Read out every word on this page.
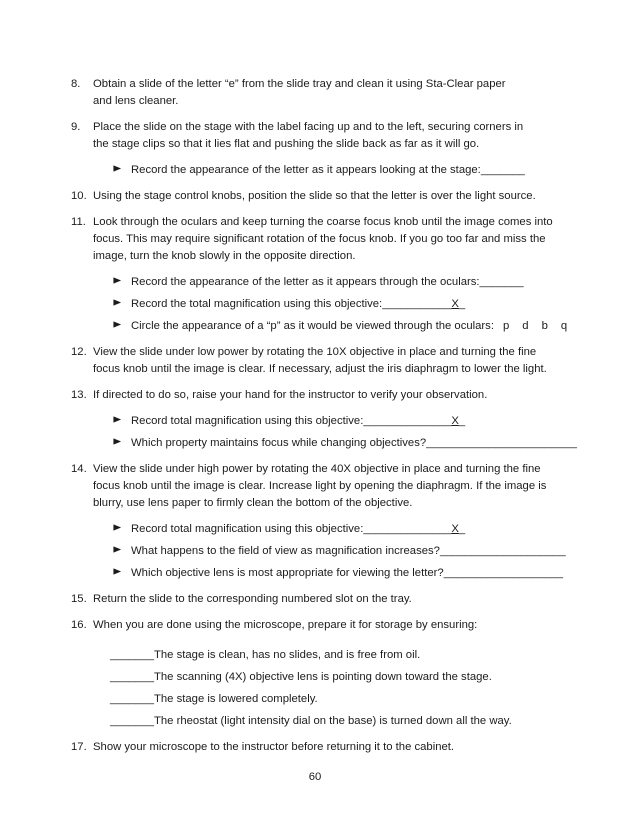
8.	Obtain a slide of the letter “e” from the slide tray and clean it using Sta-Clear paper
and lens cleaner.
9.	Place the slide on the stage with the label facing up and to the left, securing corners in
the stage clips so that it lies flat and pushing the slide back as far as it will go.
Record the appearance of the letter as it appears looking at the stage:_______
10. Using the stage control knobs, position the slide so that the letter is over the light source.
11. Look through the oculars and keep turning the coarse focus knob until the image comes into
focus. This may require significant rotation of the focus knob. If you go too far and miss the
image, turn the knob slowly in the opposite direction.
Record the appearance of the letter as it appears through the oculars:_______
Record the total magnification using this objective:___________X_
Circle the appearance of a “p” as it would be viewed through the oculars: p d b q
12. View the slide under low power by rotating the 10X objective in place and turning the fine
focus knob until the image is clear. If necessary, adjust the iris diaphragm to lower the light.
13. If directed to do so, raise your hand for the instructor to verify your observation.
Record total magnification using this objective:______________X_
Which property maintains focus while changing objectives?________________________
14. View the slide under high power by rotating the 40X objective in place and turning the fine
focus knob until the image is clear. Increase light by opening the diaphragm. If the image is
blurry, use lens paper to firmly clean the bottom of the objective.
Record total magnification using this objective:______________X_
What happens to the field of view as magnification increases?____________________
Which objective lens is most appropriate for viewing the letter?___________________
15. Return the slide to the corresponding numbered slot on the tray.
16. When you are done using the microscope, prepare it for storage by ensuring:
_______The stage is clean, has no slides, and is free from oil.
_______The scanning (4X) objective lens is pointing down toward the stage.
_______The stage is lowered completely.
_______The rheostat (light intensity dial on the base) is turned down all the way.
17. Show your microscope to the instructor before returning it to the cabinet.
60
